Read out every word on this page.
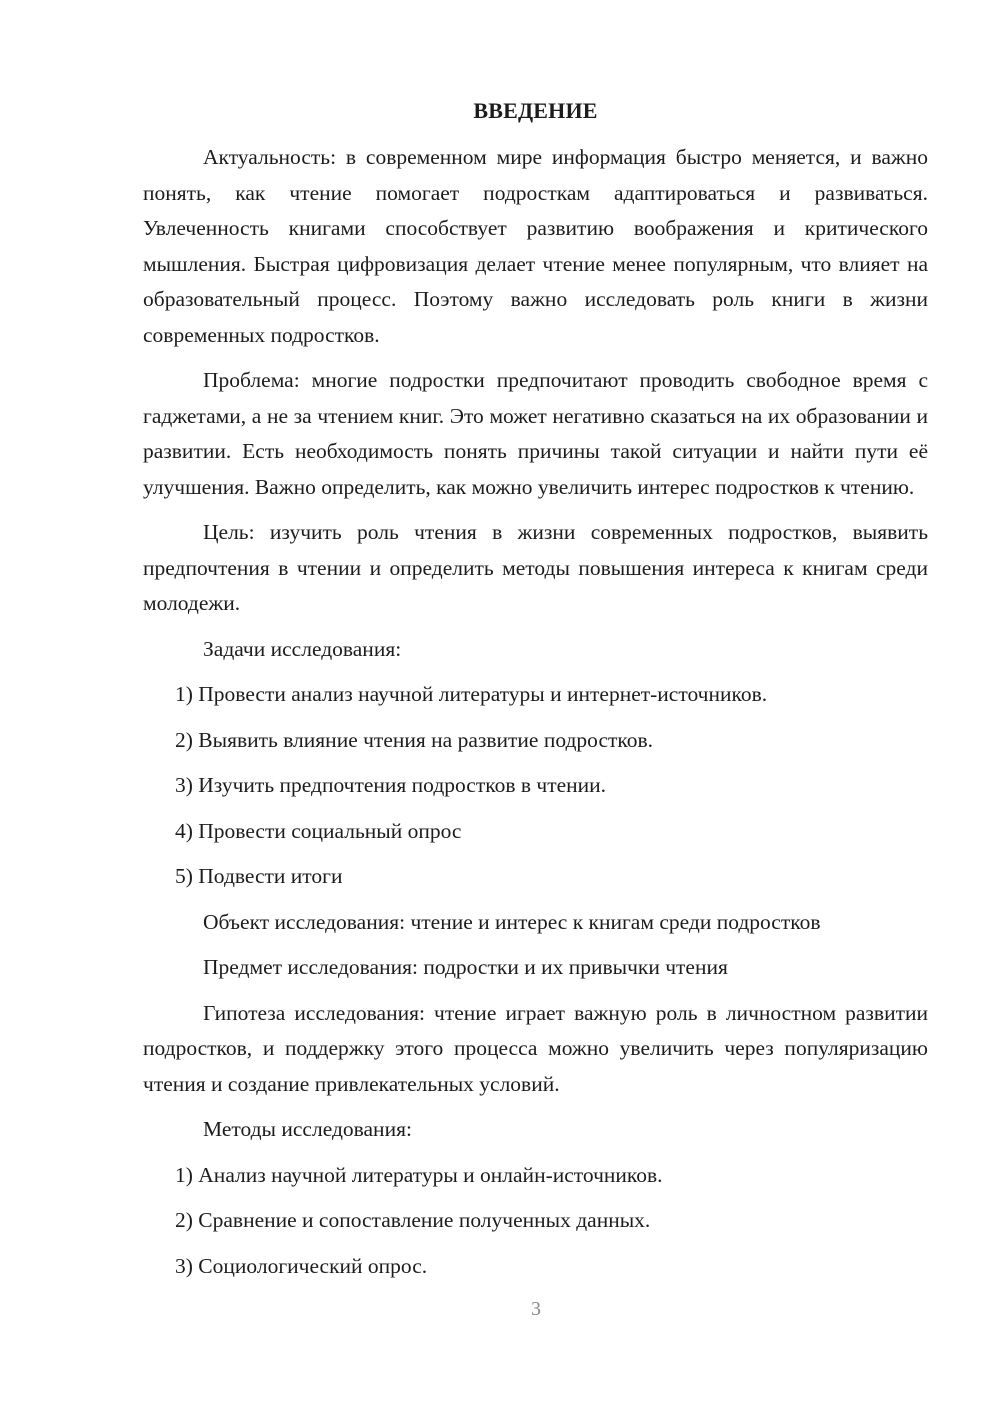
ВВЕДЕНИЕ

Актуальность: в современном мире информация быстро меняется, и важно понять, как чтение помогает подросткам адаптироваться и развиваться. Увлеченность книгами способствует развитию воображения и критического мышления. Быстрая цифровизация делает чтение менее популярным, что влияет на образовательный процесс. Поэтому важно исследовать роль книги в жизни современных подростков.

Проблема: многие подростки предпочитают проводить свободное время с гаджетами, а не за чтением книг. Это может негативно сказаться на их образовании и развитии. Есть необходимость понять причины такой ситуации и найти пути её улучшения. Важно определить, как можно увеличить интерес подростков к чтению.

Цель: изучить роль чтения в жизни современных подростков, выявить предпочтения в чтении и определить методы повышения интереса к книгам среди молодежи.

Задачи исследования:
1) Провести анализ научной литературы и интернет-источников.
2) Выявить влияние чтения на развитие подростков.
3) Изучить предпочтения подростков в чтении.
4) Провести социальный опрос
5) Подвести итоги
Объект исследования: чтение и интерес к книгам среди подростков
Предмет исследования: подростки и их привычки чтения

Гипотеза исследования: чтение играет важную роль в личностном развитии подростков, и поддержку этого процесса можно увеличить через популяризацию чтения и создание привлекательных условий.

Методы исследования:
1) Анализ научной литературы и онлайн-источников.
2) Сравнение и сопоставление полученных данных.
3) Социологический опрос.
3
